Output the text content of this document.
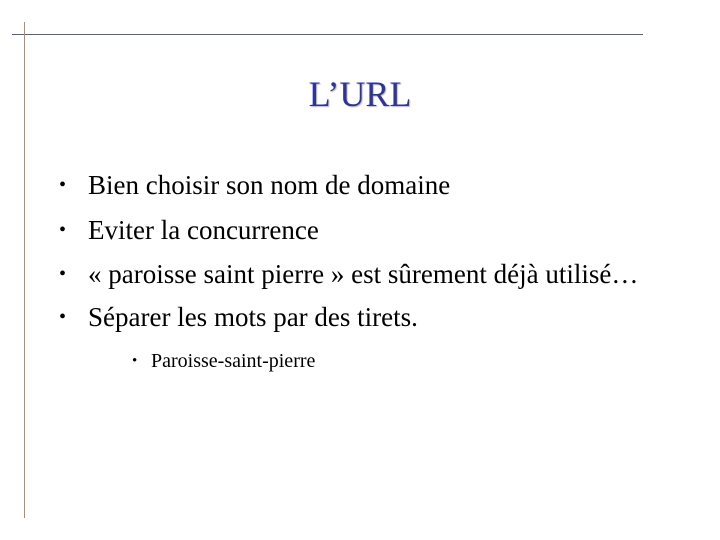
L’URL
• Bien choisir son nom de domaine
• Eviter la concurrence
• « paroisse saint pierre » est sûrement déjà utilisé…
• Séparer les mots par des tirets.
• Paroisse-saint-pierre
